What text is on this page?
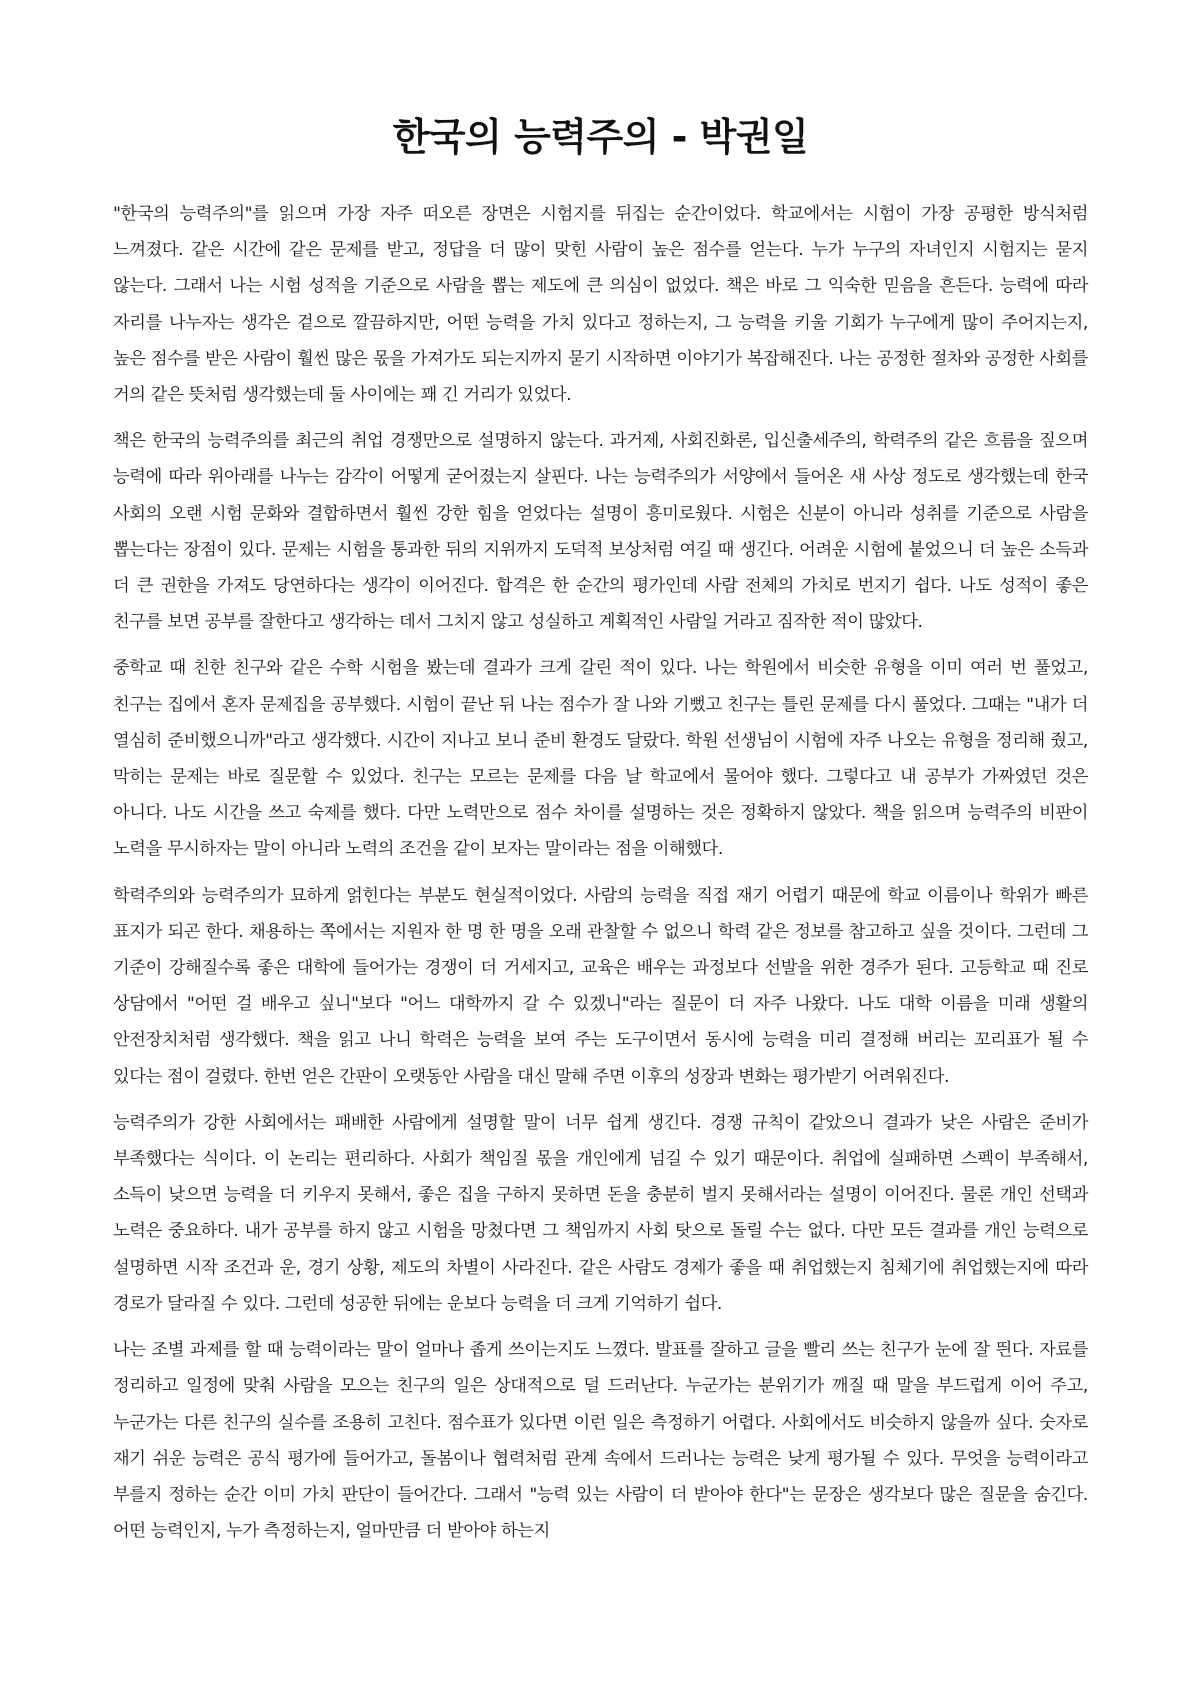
한국의 능력주의 - 박권일

"한국의 능력주의"를 읽으며 가장 자주 떠오른 장면은 시험지를 뒤집는 순간이었다. 학교에서는 시험이 가장 공평한 방식처럼 느껴졌다. 같은 시간에 같은 문제를 받고, 정답을 더 많이 맞힌 사람이 높은 점수를 얻는다. 누가 누구의 자녀인지 시험지는 묻지 않는다. 그래서 나는 시험 성적을 기준으로 사람을 뽑는 제도에 큰 의심이 없었다. 책은 바로 그 익숙한 믿음을 흔든다. 능력에 따라 자리를 나누자는 생각은 겉으로 깔끔하지만, 어떤 능력을 가치 있다고 정하는지, 그 능력을 키울 기회가 누구에게 많이 주어지는지, 높은 점수를 받은 사람이 훨씬 많은 몫을 가져가도 되는지까지 묻기 시작하면 이야기가 복잡해진다. 나는 공정한 절차와 공정한 사회를 거의 같은 뜻처럼 생각했는데 둘 사이에는 꽤 긴 거리가 있었다.

책은 한국의 능력주의를 최근의 취업 경쟁만으로 설명하지 않는다. 과거제, 사회진화론, 입신출세주의, 학력주의 같은 흐름을 짚으며 능력에 따라 위아래를 나누는 감각이 어떻게 굳어졌는지 살핀다. 나는 능력주의가 서양에서 들어온 새 사상 정도로 생각했는데 한국 사회의 오랜 시험 문화와 결합하면서 훨씬 강한 힘을 얻었다는 설명이 흥미로웠다. 시험은 신분이 아니라 성취를 기준으로 사람을 뽑는다는 장점이 있다. 문제는 시험을 통과한 뒤의 지위까지 도덕적 보상처럼 여길 때 생긴다. 어려운 시험에 붙었으니 더 높은 소득과 더 큰 권한을 가져도 당연하다는 생각이 이어진다. 합격은 한 순간의 평가인데 사람 전체의 가치로 번지기 쉽다. 나도 성적이 좋은 친구를 보면 공부를 잘한다고 생각하는 데서 그치지 않고 성실하고 계획적인 사람일 거라고 짐작한 적이 많았다.

중학교 때 친한 친구와 같은 수학 시험을 봤는데 결과가 크게 갈린 적이 있다. 나는 학원에서 비슷한 유형을 이미 여러 번 풀었고, 친구는 집에서 혼자 문제집을 공부했다. 시험이 끝난 뒤 나는 점수가 잘 나와 기뻤고 친구는 틀린 문제를 다시 풀었다. 그때는 "내가 더 열심히 준비했으니까"라고 생각했다. 시간이 지나고 보니 준비 환경도 달랐다. 학원 선생님이 시험에 자주 나오는 유형을 정리해 줬고, 막히는 문제는 바로 질문할 수 있었다. 친구는 모르는 문제를 다음 날 학교에서 물어야 했다. 그렇다고 내 공부가 가짜였던 것은 아니다. 나도 시간을 쓰고 숙제를 했다. 다만 노력만으로 점수 차이를 설명하는 것은 정확하지 않았다. 책을 읽으며 능력주의 비판이 노력을 무시하자는 말이 아니라 노력의 조건을 같이 보자는 말이라는 점을 이해했다.

학력주의와 능력주의가 묘하게 얽힌다는 부분도 현실적이었다. 사람의 능력을 직접 재기 어렵기 때문에 학교 이름이나 학위가 빠른 표지가 되곤 한다. 채용하는 쪽에서는 지원자 한 명 한 명을 오래 관찰할 수 없으니 학력 같은 정보를 참고하고 싶을 것이다. 그런데 그 기준이 강해질수록 좋은 대학에 들어가는 경쟁이 더 거세지고, 교육은 배우는 과정보다 선발을 위한 경주가 된다. 고등학교 때 진로 상담에서 "어떤 걸 배우고 싶니"보다 "어느 대학까지 갈 수 있겠니"라는 질문이 더 자주 나왔다. 나도 대학 이름을 미래 생활의 안전장치처럼 생각했다. 책을 읽고 나니 학력은 능력을 보여 주는 도구이면서 동시에 능력을 미리 결정해 버리는 꼬리표가 될 수 있다는 점이 걸렸다. 한번 얻은 간판이 오랫동안 사람을 대신 말해 주면 이후의 성장과 변화는 평가받기 어려워진다.

능력주의가 강한 사회에서는 패배한 사람에게 설명할 말이 너무 쉽게 생긴다. 경쟁 규칙이 같았으니 결과가 낮은 사람은 준비가 부족했다는 식이다. 이 논리는 편리하다. 사회가 책임질 몫을 개인에게 넘길 수 있기 때문이다. 취업에 실패하면 스펙이 부족해서, 소득이 낮으면 능력을 더 키우지 못해서, 좋은 집을 구하지 못하면 돈을 충분히 벌지 못해서라는 설명이 이어진다. 물론 개인 선택과 노력은 중요하다. 내가 공부를 하지 않고 시험을 망쳤다면 그 책임까지 사회 탓으로 돌릴 수는 없다. 다만 모든 결과를 개인 능력으로 설명하면 시작 조건과 운, 경기 상황, 제도의 차별이 사라진다. 같은 사람도 경제가 좋을 때 취업했는지 침체기에 취업했는지에 따라 경로가 달라질 수 있다. 그런데 성공한 뒤에는 운보다 능력을 더 크게 기억하기 쉽다.

나는 조별 과제를 할 때 능력이라는 말이 얼마나 좁게 쓰이는지도 느꼈다. 발표를 잘하고 글을 빨리 쓰는 친구가 눈에 잘 띈다. 자료를 정리하고 일정에 맞춰 사람을 모으는 친구의 일은 상대적으로 덜 드러난다. 누군가는 분위기가 깨질 때 말을 부드럽게 이어 주고, 누군가는 다른 친구의 실수를 조용히 고친다. 점수표가 있다면 이런 일은 측정하기 어렵다. 사회에서도 비슷하지 않을까 싶다. 숫자로 재기 쉬운 능력은 공식 평가에 들어가고, 돌봄이나 협력처럼 관계 속에서 드러나는 능력은 낮게 평가될 수 있다. 무엇을 능력이라고 부를지 정하는 순간 이미 가치 판단이 들어간다. 그래서 "능력 있는 사람이 더 받아야 한다"는 문장은 생각보다 많은 질문을 숨긴다. 어떤 능력인지, 누가 측정하는지, 얼마만큼 더 받아야 하는지
